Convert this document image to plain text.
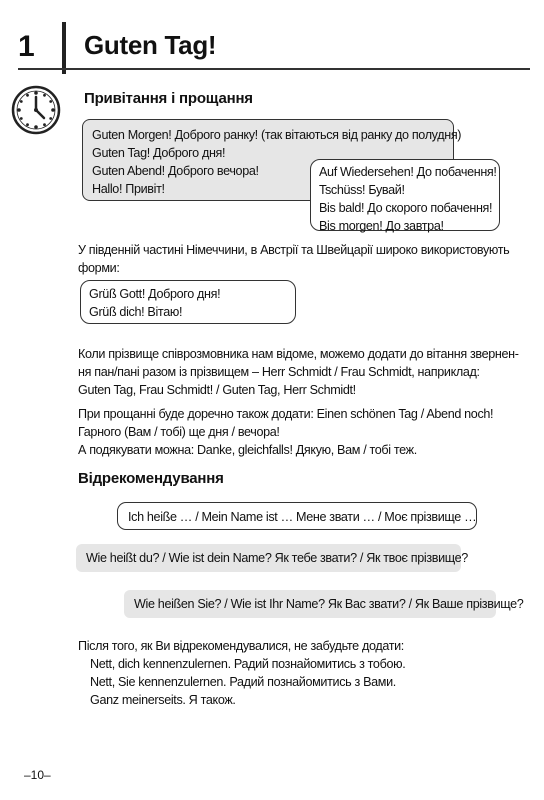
1 Guten Tag!
Привітання і прощання
Guten Morgen! Доброго ранку! (так вітаються від ранку до полудня)
Guten Tag! Доброго дня!
Guten Abend! Доброго вечора!
Hallo! Привіт!
Auf Wiedersehen! До побачення!
Tschüss! Бувай!
Bis bald! До скорого побачення!
Bis morgen! До завтра!
У південній частині Німеччини, в Австрії та Швейцарії широко використовують
форми:
Grüß Gott! Доброго дня!
Grüß dich! Вітаю!
Коли прізвище співрозмовника нам відоме, можемо додати до вітання звернен-
ня пан/пані разом із прізвищем – Herr Schmidt / Frau Schmidt, наприклад:
Guten Tag, Frau Schmidt! / Guten Tag, Herr Schmidt!
При прощанні буде доречно також додати: Einen schönen Tag / Abend noch!
Гарного (Вам / тобі) ще дня / вечора!
А подякувати можна: Danke, gleichfalls! Дякую, Вам / тобі теж.
Відрекомендування
Ich heiße … / Mein Name ist … Мене звати … / Моє прізвище …
Wie heißt du? / Wie ist dein Name? Як тебе звати? / Як твоє прізвище?
Wie heißen Sie? / Wie ist Ihr Name? Як Вас звати? / Як Ваше прізвище?
Після того, як Ви відрекомендувалися, не забудьте додати:
Nett, dich kennenzulernen. Радий познайомитись з тобою.
Nett, Sie kennenzulernen. Радий познайомитись з Вами.
Ganz meinerseits. Я також.
–10–
